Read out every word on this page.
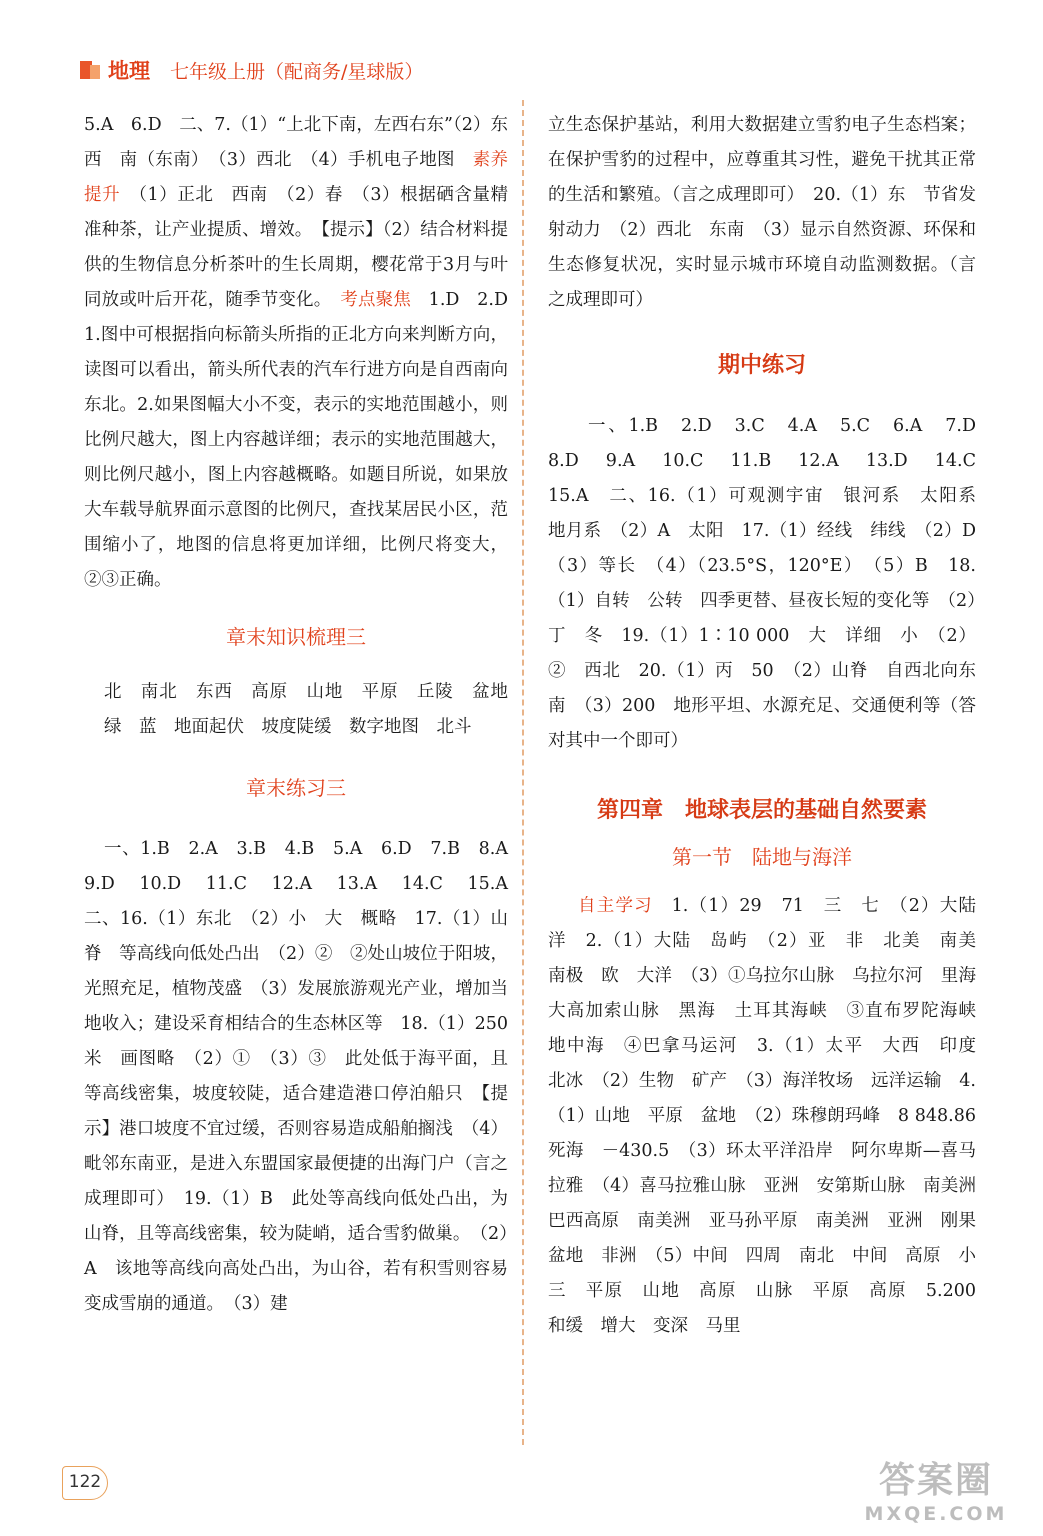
地理 七年级上册（配商务/星球版）

5.A　6.D　二、7.（1）“上北下南，左西右东”（2）东西　南（东南）　（3）西北　（4）手机电子地图　素养提升　（1）正北　西南　（2）春　（3）根据硒含量精准种茶，让产业提质、增效。　【提示】（2）结合材料提供的生物信息分析茶叶的生长周期，樱花常于3月与叶同放或叶后开花，随季节变化。　考点聚焦　1.D　2.D　1.图中可根据指向标箭头所指的正北方向来判断方向，读图可以看出，箭头所代表的汽车行进方向是自西南向东北。2.如果图幅大小不变，表示的实地范围越小，则比例尺越大，图上内容越详细；表示的实地范围越大，则比例尺越小，图上内容越概略。如题目所说，如果放大车载导航界面示意图的比例尺，查找某居民小区，范围缩小了，地图的信息将更加详细，比例尺将变大，②③正确。

章末知识梳理三

北　南北　东西　高原　山地　平原　丘陵　盆地　绿　蓝　地面起伏　坡度陡缓　数字地图　北斗

章末练习三

一、1.B　2.A　3.B　4.B　5.A　6.D　7.B　8.A　9.D　10.D　11.C　12.A　13.A　14.C　15.A　二、16.（1）东北　（2）小　大　概略　17.（1）山脊　等高线向低处凸出　（2）②　②处山坡位于阳坡，光照充足，植物茂盛　（3）发展旅游观光产业，增加当地收入；建设采育相结合的生态林区等　18.（1）250米　画图略　（2）①　（3）③　此处低于海平面，且等高线密集，坡度较陡，适合建造港口停泊船只　【提示】港口坡度不宜过缓，否则容易造成船舶搁浅　（4）毗邻东南亚，是进入东盟国家最便捷的出海门户（言之成理即可）　19.（1）B　此处等高线向低处凸出，为山脊，且等高线密集，较为陡峭，适合雪豹做巢。　（2）A　该地等高线向高处凸出，为山谷，若有积雪则容易变成雪崩的通道。　（3）建

立生态保护基站，利用大数据建立雪豹电子生态档案；在保护雪豹的过程中，应尊重其习性，避免干扰其正常的生活和繁殖。（言之成理即可）　20.（1）东　节省发射动力　（2）西北　东南　（3）显示自然资源、环保和生态修复状况，实时显示城市环境自动监测数据。（言之成理即可）

期中练习

一、1.B　2.D　3.C　4.A　5.C　6.A　7.D　8.D　9.A　10.C　11.B　12.A　13.D　14.C　15.A　二、16.（1）可观测宇宙　银河系　太阳系　地月系　（2）A　太阳　17.（1）经线　纬线　（2）D　（3）等长　（4）（23.5°S，120°E）　（5）B　18.（1）自转　公转　四季更替、昼夜长短的变化等　（2）丁　冬　19.（1）1∶10 000　大　详细　小　（2）②　西北　20.（1）丙　50　（2）山脊　自西北向东南　（3）200　地形平坦、水源充足、交通便利等（答对其中一个即可）

第四章　地球表层的基础自然要素
第一节　陆地与海洋

自主学习　1.（1）29　71　三　七　（2）大陆　洋　2.（1）大陆　岛屿　（2）亚　非　北美　南美　南极　欧　大洋　（3）①乌拉尔山脉　乌拉尔河　里海　大高加索山脉　黑海　土耳其海峡　③直布罗陀海峡　地中海　④巴拿马运河　3.（1）太平　大西　印度　北冰　（2）生物　矿产　（3）海洋牧场　远洋运输　4.（1）山地　平原　盆地　（2）珠穆朗玛峰　8 848.86　死海　－430.5　（3）环太平洋沿岸　阿尔卑斯—喜马拉雅　（4）喜马拉雅山脉　亚洲　安第斯山脉　南美洲　巴西高原　南美洲　亚马孙平原　南美洲　亚洲　刚果盆地　非洲　（5）中间　四周　南北　中间　高原　小　三　平原　山地　高原　山脉　平原　高原　5.200　和缓　增大　变深　马里

122	答案圈
MXQE.COM
